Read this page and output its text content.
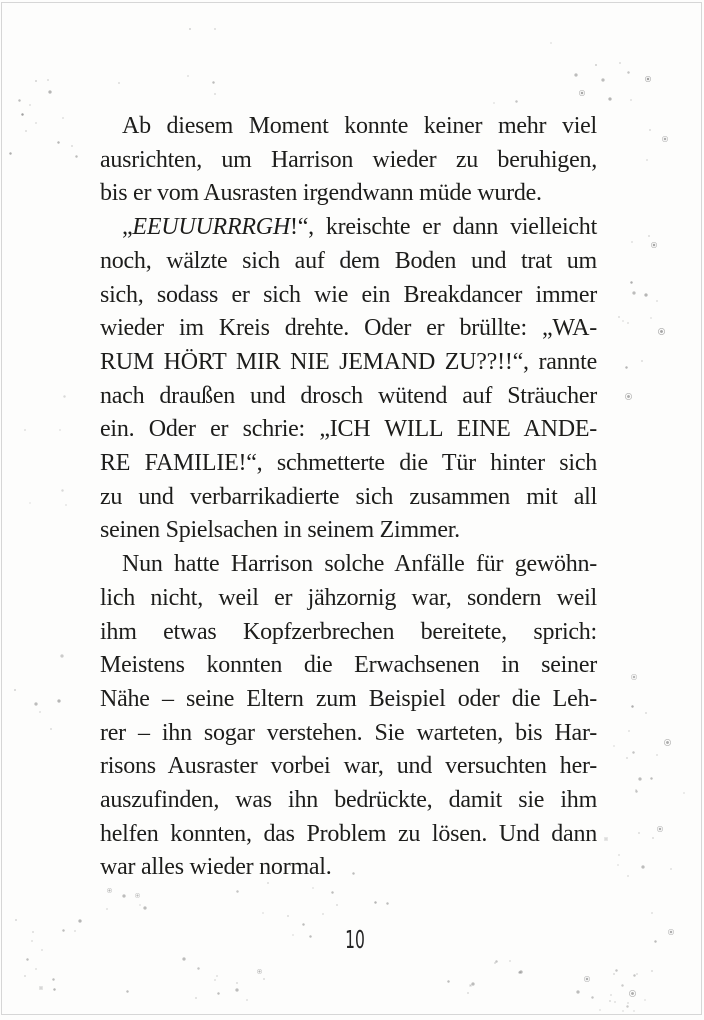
Ab diesem Moment konnte keiner mehr viel
ausrichten, um Harrison wieder zu beruhigen,
bis er vom Ausrasten irgendwann müde wurde.
„EEUUURRRGH!“, kreischte er dann vielleicht
noch, wälzte sich auf dem Boden und trat um
sich, sodass er sich wie ein Breakdancer immer
wieder im Kreis drehte. Oder er brüllte: „WA-
RUM HÖRT MIR NIE JEMAND ZU??!!“, rannte
nach draußen und drosch wütend auf Sträucher
ein. Oder er schrie: „ICH WILL EINE ANDE-
RE FAMILIE!“, schmetterte die Tür hinter sich
zu und verbarrikadierte sich zusammen mit all
seinen Spielsachen in seinem Zimmer.
Nun hatte Harrison solche Anfälle für gewöhn-
lich nicht, weil er jähzornig war, sondern weil
ihm etwas Kopfzerbrechen bereitete, sprich:
Meistens konnten die Erwachsenen in seiner
Nähe – seine Eltern zum Beispiel oder die Leh-
rer – ihn sogar verstehen. Sie warteten, bis Har-
risons Ausraster vorbei war, und versuchten her-
auszufinden, was ihn bedrückte, damit sie ihm
helfen konnten, das Problem zu lösen. Und dann
war alles wieder normal.
10
